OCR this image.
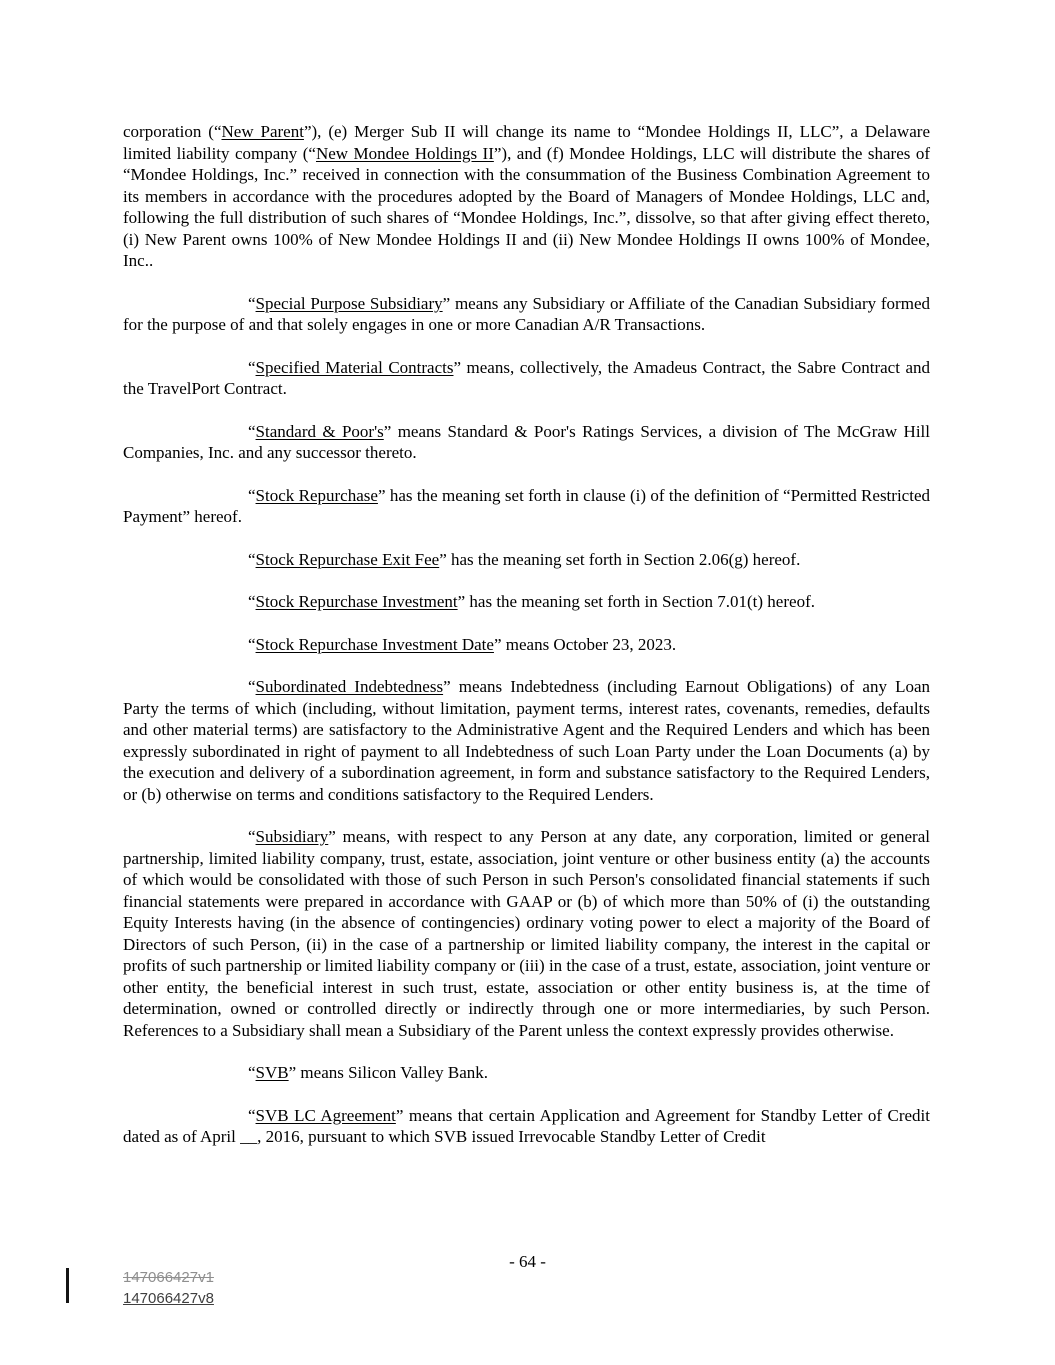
corporation (“New Parent”), (e) Merger Sub II will change its name to “Mondee Holdings II, LLC”, a Delaware limited liability company (“New Mondee Holdings II”), and (f) Mondee Holdings, LLC will distribute the shares of “Mondee Holdings, Inc.” received in connection with the consummation of the Business Combination Agreement to its members in accordance with the procedures adopted by the Board of Managers of Mondee Holdings, LLC and, following the full distribution of such shares of “Mondee Holdings, Inc.”, dissolve, so that after giving effect thereto, (i) New Parent owns 100% of New Mondee Holdings II and (ii) New Mondee Holdings II owns 100% of Mondee, Inc..

“Special Purpose Subsidiary” means any Subsidiary or Affiliate of the Canadian Subsidiary formed for the purpose of and that solely engages in one or more Canadian A/R Transactions.

“Specified Material Contracts” means, collectively, the Amadeus Contract, the Sabre Contract and the TravelPort Contract.

“Standard & Poor's” means Standard & Poor's Ratings Services, a division of The McGraw Hill Companies, Inc. and any successor thereto.

“Stock Repurchase” has the meaning set forth in clause (i) of the definition of “Permitted Restricted Payment” hereof.

“Stock Repurchase Exit Fee” has the meaning set forth in Section 2.06(g) hereof.

“Stock Repurchase Investment” has the meaning set forth in Section 7.01(t) hereof.

“Stock Repurchase Investment Date” means October 23, 2023.

“Subordinated Indebtedness” means Indebtedness (including Earnout Obligations) of any Loan Party the terms of which (including, without limitation, payment terms, interest rates, covenants, remedies, defaults and other material terms) are satisfactory to the Administrative Agent and the Required Lenders and which has been expressly subordinated in right of payment to all Indebtedness of such Loan Party under the Loan Documents (a) by the execution and delivery of a subordination agreement, in form and substance satisfactory to the Required Lenders, or (b) otherwise on terms and conditions satisfactory to the Required Lenders.

“Subsidiary” means, with respect to any Person at any date, any corporation, limited or general partnership, limited liability company, trust, estate, association, joint venture or other business entity (a) the accounts of which would be consolidated with those of such Person in such Person's consolidated financial statements if such financial statements were prepared in accordance with GAAP or (b) of which more than 50% of (i) the outstanding Equity Interests having (in the absence of contingencies) ordinary voting power to elect a majority of the Board of Directors of such Person, (ii) in the case of a partnership or limited liability company, the interest in the capital or profits of such partnership or limited liability company or (iii) in the case of a trust, estate, association, joint venture or other entity, the beneficial interest in such trust, estate, association or other entity business is, at the time of determination, owned or controlled directly or indirectly through one or more intermediaries, by such Person. References to a Subsidiary shall mean a Subsidiary of the Parent unless the context expressly provides otherwise.

“SVB” means Silicon Valley Bank.

“SVB LC Agreement” means that certain Application and Agreement for Standby Letter of Credit dated as of April __, 2016, pursuant to which SVB issued Irrevocable Standby Letter of Credit

- 64 -
147066427v1
147066427v8
